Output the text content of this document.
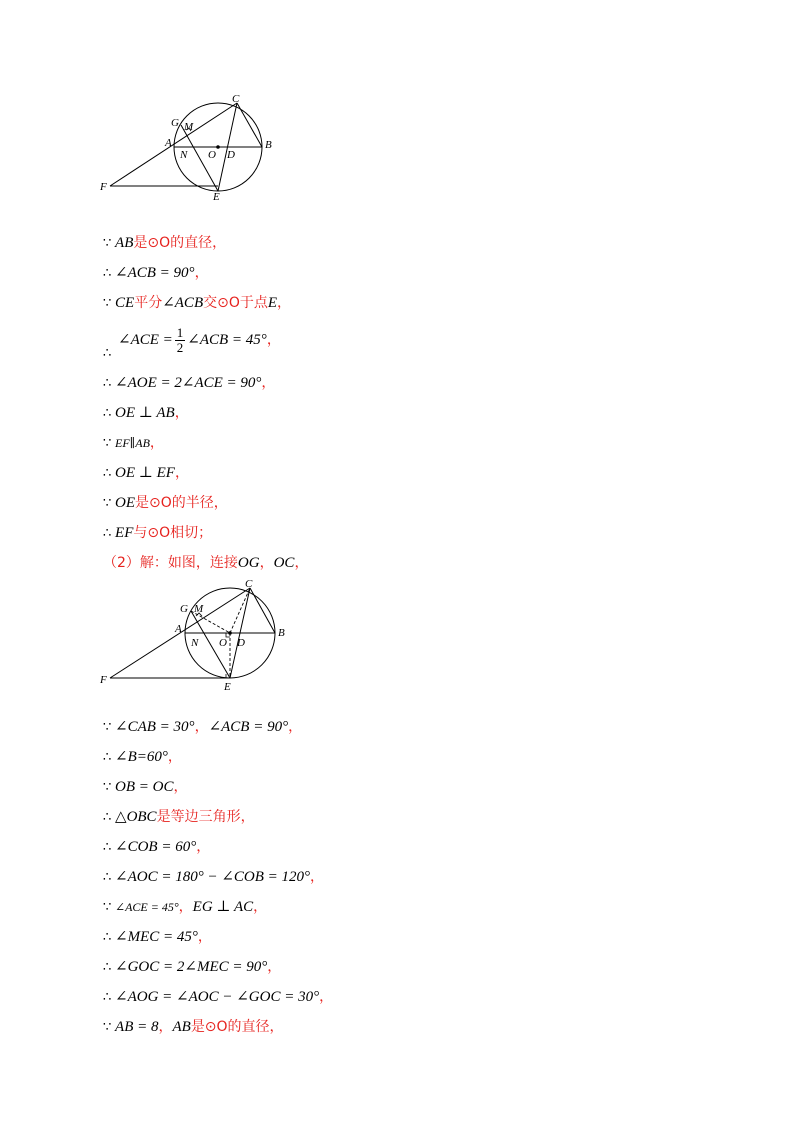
C
G M
A
N O D
B
F
E
∵ AB是⊙O的直径，
∴ ∠ACB = 90°，
∵ CE平分∠ACB交⊙O于点E，
∠ACE = $\frac{1}{2}$ ∠ACB = 45°，
∴
∴ ∠AOE = 2∠ACE = 90°，
∴ OE ⊥ AB，
∵ EF∥AB，
∴ OE ⊥ EF，
∵ OE是⊙O的半径，
∴ EF与⊙O相切；
（2）解：如图，连接OG，OC，
C
G M
A
N O D
B
F
E
∵ ∠CAB = 30°，∠ACB = 90°，
∴ ∠B=60°，
∵ OB = OC，
∴ △OBC是等边三角形，
∴ ∠COB = 60°，
∴ ∠AOC = 180° − ∠COB = 120°，
∵ ∠ACE = 45°，EG ⊥ AC，
∴ ∠MEC = 45°，
∴ ∠GOC = 2∠MEC = 90°，
∴ ∠AOG = ∠AOC − ∠GOC = 30°，
∵ AB = 8，AB是⊙O的直径，
